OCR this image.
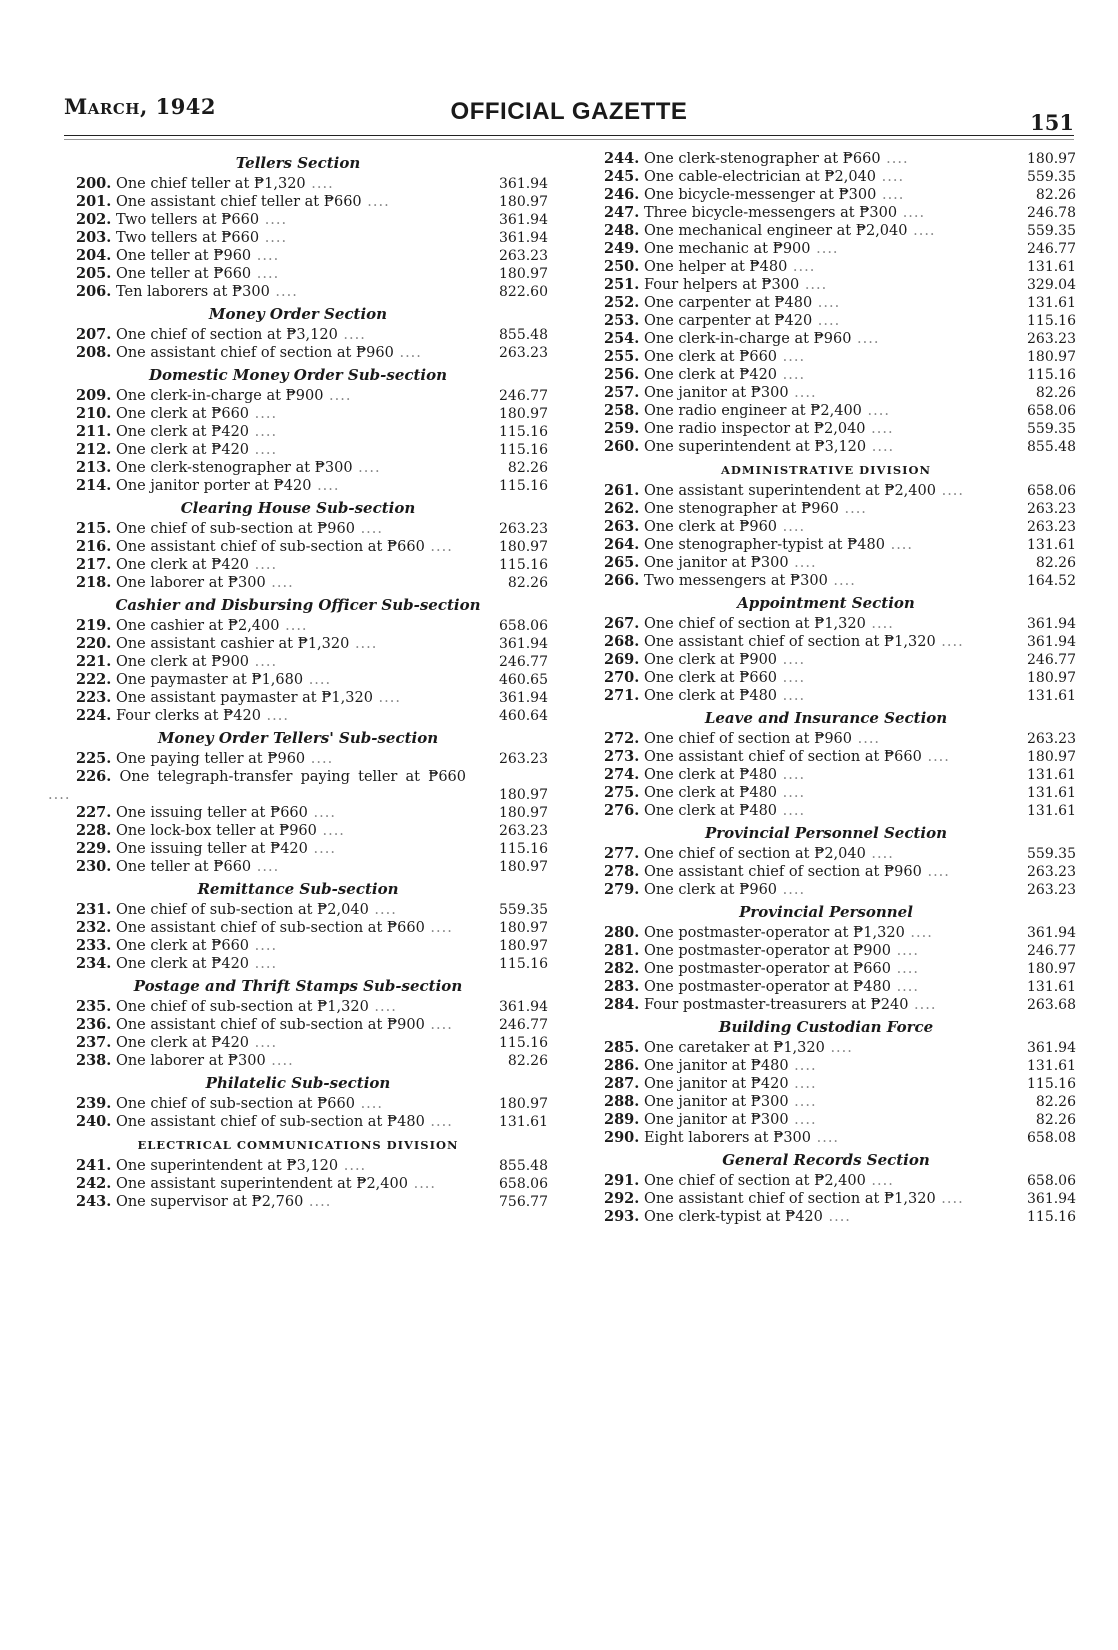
March, 1942	OFFICIAL GAZETTE	151
Tellers Section
200. One chief teller at ₱1,320 ....	361.94
201. One assistant chief teller at ₱660 ....	180.97
202. Two tellers at ₱660 ....	361.94
203. Two tellers at ₱660 ....	361.94
204. One teller at ₱960 ....	263.23
205. One teller at ₱660 ....	180.97
206. Ten laborers at ₱300 ....	822.60
Money Order Section
207. One chief of section at ₱3,120 ....	855.48
208. One assistant chief of section at ₱960 ....	263.23
Domestic Money Order Sub-section
209. One clerk-in-charge at ₱900 ....	246.77
210. One clerk at ₱660 ....	180.97
211. One clerk at ₱420 ....	115.16
212. One clerk at ₱420 ....	115.16
213. One clerk-stenographer at ₱300 ....	82.26
214. One janitor porter at ₱420 ....	115.16
Clearing House Sub-section
215. One chief of sub-section at ₱960 ....	263.23
216. One assistant chief of sub-section at ₱660 ....	180.97
217. One clerk at ₱420 ....	115.16
218. One laborer at ₱300 ....	82.26
Cashier and Disbursing Officer Sub-section
219. One cashier at ₱2,400 ....	658.06
220. One assistant cashier at ₱1,320 ....	361.94
221. One clerk at ₱900 ....	246.77
222. One paymaster at ₱1,680 ....	460.65
223. One assistant paymaster at ₱1,320 ....	361.94
224. Four clerks at ₱420 ....	460.64
Money Order Tellers' Sub-section
225. One paying teller at ₱960 ....	263.23
226. One telegraph-transfer paying teller at ₱660 ....	180.97
227. One issuing teller at ₱660 ....	180.97
228. One lock-box teller at ₱960 ....	263.23
229. One issuing teller at ₱420 ....	115.16
230. One teller at ₱660 ....	180.97
Remittance Sub-section
231. One chief of sub-section at ₱2,040 ....	559.35
232. One assistant chief of sub-section at ₱660 ....	180.97
233. One clerk at ₱660 ....	180.97
234. One clerk at ₱420 ....	115.16
Postage and Thrift Stamps Sub-section
235. One chief of sub-section at ₱1,320 ....	361.94
236. One assistant chief of sub-section at ₱900 ....	246.77
237. One clerk at ₱420 ....	115.16
238. One laborer at ₱300 ....	82.26
Philatelic Sub-section
239. One chief of sub-section at ₱660 ....	180.97
240. One assistant chief of sub-section at ₱480 ....	131.61
ELECTRICAL COMMUNICATIONS DIVISION
241. One superintendent at ₱3,120 ....	855.48
242. One assistant superintendent at ₱2,400 ....	658.06
243. One supervisor at ₱2,760 ....	756.77
244. One clerk-stenographer at ₱660 ....	180.97
245. One cable-electrician at ₱2,040 ....	559.35
246. One bicycle-messenger at ₱300 ....	82.26
247. Three bicycle-messengers at ₱300 ....	246.78
248. One mechanical engineer at ₱2,040 ....	559.35
249. One mechanic at ₱900 ....	246.77
250. One helper at ₱480 ....	131.61
251. Four helpers at ₱300 ....	329.04
252. One carpenter at ₱480 ....	131.61
253. One carpenter at ₱420 ....	115.16
254. One clerk-in-charge at ₱960 ....	263.23
255. One clerk at ₱660 ....	180.97
256. One clerk at ₱420 ....	115.16
257. One janitor at ₱300 ....	82.26
258. One radio engineer at ₱2,400 ....	658.06
259. One radio inspector at ₱2,040 ....	559.35
260. One superintendent at ₱3,120 ....	855.48
ADMINISTRATIVE DIVISION
261. One assistant superintendent at ₱2,400 ....	658.06
262. One stenographer at ₱960 ....	263.23
263. One clerk at ₱960 ....	263.23
264. One stenographer-typist at ₱480 ....	131.61
265. One janitor at ₱300 ....	82.26
266. Two messengers at ₱300 ....	164.52
Appointment Section
267. One chief of section at ₱1,320 ....	361.94
268. One assistant chief of section at ₱1,320 ....	361.94
269. One clerk at ₱900 ....	246.77
270. One clerk at ₱660 ....	180.97
271. One clerk at ₱480 ....	131.61
Leave and Insurance Section
272. One chief of section at ₱960 ....	263.23
273. One assistant chief of section at ₱660 ....	180.97
274. One clerk at ₱480 ....	131.61
275. One clerk at ₱480 ....	131.61
276. One clerk at ₱480 ....	131.61
Provincial Personnel Section
277. One chief of section at ₱2,040 ....	559.35
278. One assistant chief of section at ₱960 ....	263.23
279. One clerk at ₱960 ....	263.23
Provincial Personnel
280. One postmaster-operator at ₱1,320 ....	361.94
281. One postmaster-operator at ₱900 ....	246.77
282. One postmaster-operator at ₱660 ....	180.97
283. One postmaster-operator at ₱480 ....	131.61
284. Four postmaster-treasurers at ₱240 ....	263.68
Building Custodian Force
285. One caretaker at ₱1,320 ....	361.94
286. One janitor at ₱480 ....	131.61
287. One janitor at ₱420 ....	115.16
288. One janitor at ₱300 ....	82.26
289. One janitor at ₱300 ....	82.26
290. Eight laborers at ₱300 ....	658.08
General Records Section
291. One chief of section at ₱2,400 ....	658.06
292. One assistant chief of section at ₱1,320 ....	361.94
293. One clerk-typist at ₱420 ....	115.16
